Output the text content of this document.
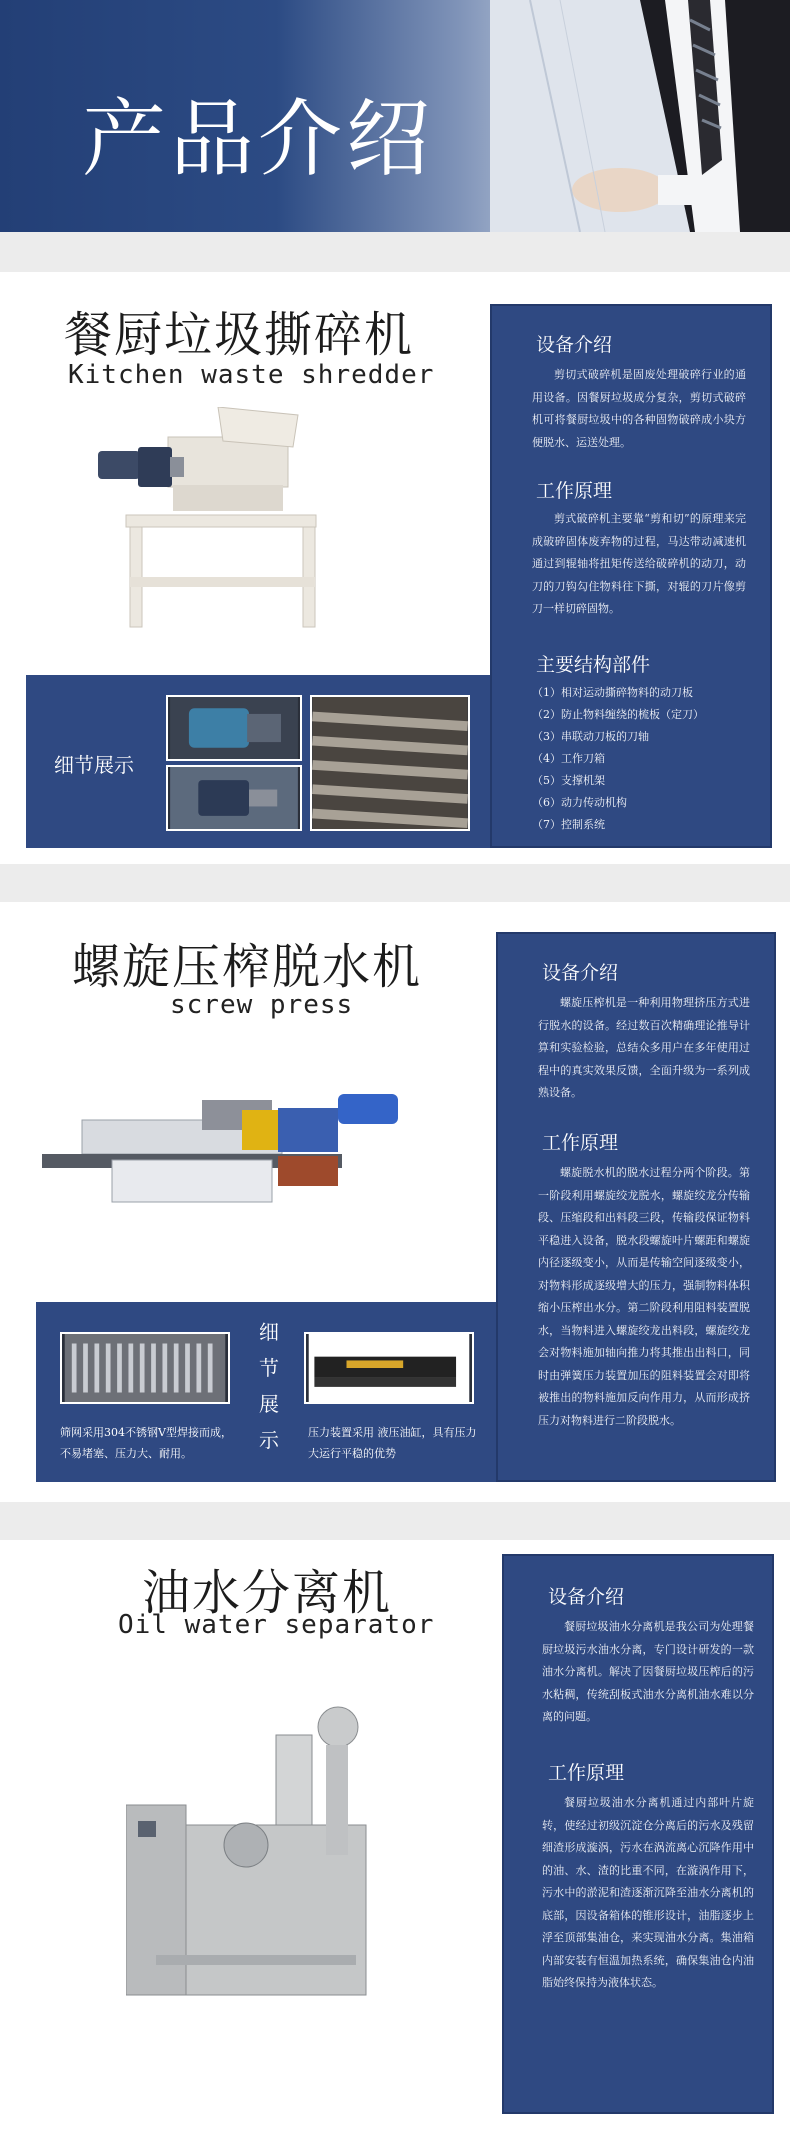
产品介绍
餐厨垃圾撕碎机
Kitchen waste shredder
设备介绍

剪切式破碎机是固废处理破碎行业的通用设备。因餐厨垃圾成分复杂，剪切式破碎机可将餐厨垃圾中的各种固物破碎成小块方便脱水、运送处理。

工作原理

剪式破碎机主要靠“剪和切”的原理来完成破碎固体废弃物的过程，马达带动减速机通过到辊轴将扭矩传送给破碎机的动刀，动刀的刀钩勾住物料往下撕，对辊的刀片像剪刀一样切碎固物。

主要结构部件
（1）相对运动撕碎物料的动刀板
（2）防止物料缠绕的梳板（定刀）
（3）串联动刀板的刀轴
（4）工作刀箱
（5）支撑机架
（6）动力传动机构
（7）控制系统
细节展示
螺旋压榨脱水机
screw press
设备介绍

螺旋压榨机是一种利用物理挤压方式进行脱水的设备。经过数百次精确理论推导计算和实验检验，总结众多用户在多年使用过程中的真实效果反馈，全面升级为一系列成熟设备。

工作原理

螺旋脱水机的脱水过程分两个阶段。第一阶段利用螺旋绞龙脱水，螺旋绞龙分传输段、压缩段和出料段三段，传输段保证物料平稳进入设备，脱水段螺旋叶片螺距和螺旋内径逐级变小，从而是传输空间逐级变小，对物料形成逐级增大的压力，强制物料体积缩小压榨出水分。第二阶段利用阻料装置脱水，当物料进入螺旋绞龙出料段，螺旋绞龙会对物料施加轴向推力将其推出出料口，同时由弹簧压力装置加压的阻料装置会对即将被推出的物料施加反向作用力，从而形成挤压力对物料进行二阶段脱水。

细
节
展
示
筛网采用304不锈钢V型焊接而成，不易堵塞、压力大、耐用。
压力装置采用 液压油缸，具有压力大运行平稳的优势
油水分离机
Oil water separator
设备介绍

餐厨垃圾油水分离机是我公司为处理餐厨垃圾污水油水分离，专门设计研发的一款油水分离机。解决了因餐厨垃圾压榨后的污水粘稠，传统刮板式油水分离机油水难以分离的问题。

工作原理

餐厨垃圾油水分离机通过内部叶片旋转，使经过初级沉淀仓分离后的污水及残留细渣形成漩涡，污水在涡流离心沉降作用中的油、水、渣的比重不同，在漩涡作用下，污水中的淤泥和渣逐渐沉降至油水分离机的底部，因设备箱体的锥形设计，油脂逐步上浮至顶部集油仓，来实现油水分离。集油箱内部安装有恒温加热系统，确保集油仓内油脂始终保持为液体状态。
